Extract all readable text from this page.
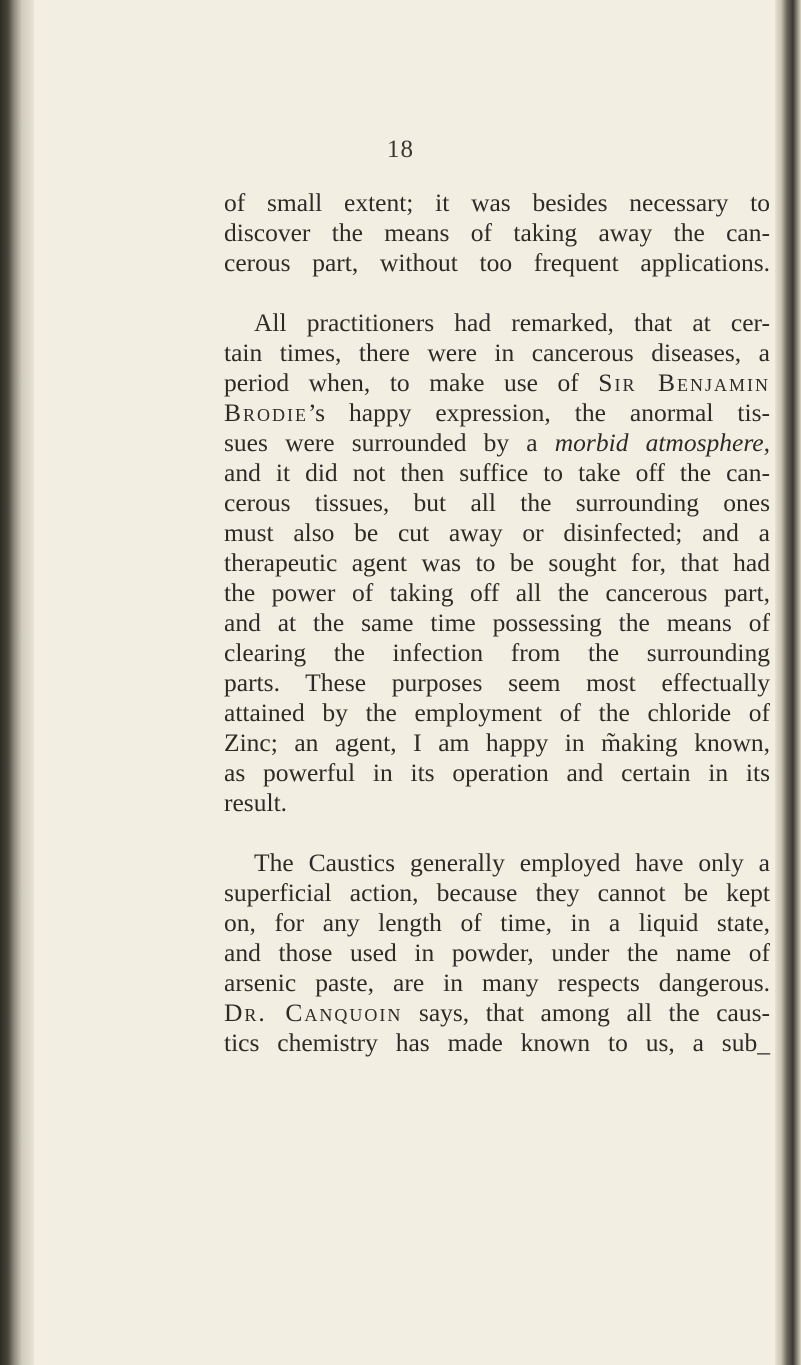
18

of small extent; it was besides necessary to

discover the means of taking away the can-

cerous part, without too frequent applications.

All practitioners had remarked, that at cer-

tain times, there were in cancerous diseases, a

period when, to make use of Sir Benjamin

Brodie’s happy expression, the anormal tis-

sues were surrounded by a morbid atmosphere,

and it did not then suffice to take off the can-

cerous tissues, but all the surrounding ones

must also be cut away or disinfected; and a

therapeutic agent was to be sought for, that had

the power of taking off all the cancerous part,

and at the same time possessing the means of

clearing the infection from the surrounding

parts. These purposes seem most effectually

attained by the employment of the chloride of

Zinc; an agent, I am happy in m̃aking known,

as powerful in its operation and certain in its

result.

The Caustics generally employed have only a

superficial action, because they cannot be kept

on, for any length of time, in a liquid state,

and those used in powder, under the name of

arsenic paste, are in many respects dangerous.

Dr. Canquoin says, that among all the caus-

tics chemistry has made known to us, a sub_
